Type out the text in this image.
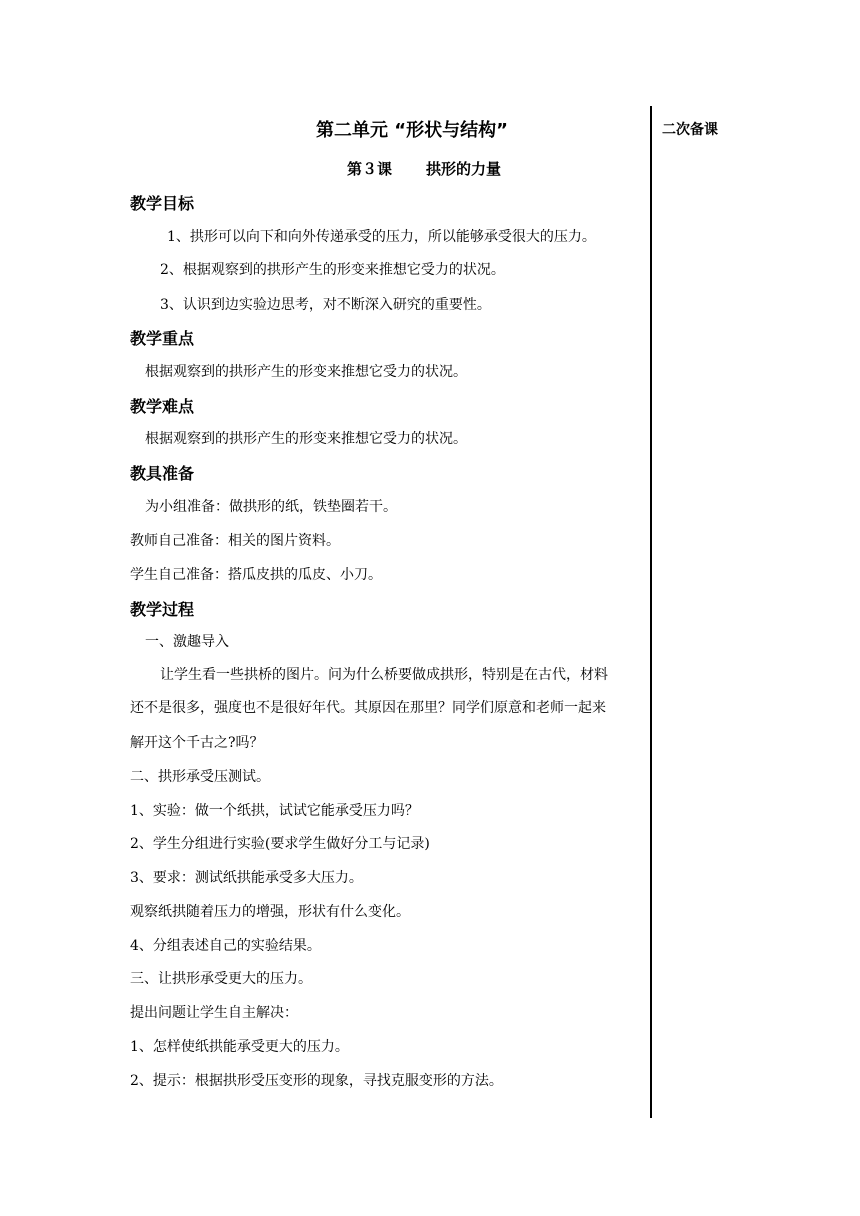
二次备课
第二单元 “形状与结构”
第３课 拱形的力量
教学目标
1、拱形可以向下和向外传递承受的压力，所以能够承受很大的压力。
2、根据观察到的拱形产生的形变来推想它受力的状况。
3、认识到边实验边思考，对不断深入研究的重要性。
教学重点
根据观察到的拱形产生的形变来推想它受力的状况。
教学难点
根据观察到的拱形产生的形变来推想它受力的状况。
教具准备
为小组准备：做拱形的纸，铁垫圈若干。
教师自己准备：相关的图片资料。
学生自己准备：搭瓜皮拱的瓜皮、小刀。
教学过程
一、激趣导入
让学生看一些拱桥的图片。问为什么桥要做成拱形，特别是在古代，材料
还不是很多，强度也不是很好年代。其原因在那里？同学们原意和老师一起来
解开这个千古之?吗？
二、拱形承受压测试。
1、实验：做一个纸拱，试试它能承受压力吗？
2、学生分组进行实验(要求学生做好分工与记录)
3、要求：测试纸拱能承受多大压力。
观察纸拱随着压力的增强，形状有什么变化。
4、分组表述自己的实验结果。
三、让拱形承受更大的压力。
提出问题让学生自主解决：
1、怎样使纸拱能承受更大的压力。
2、提示：根据拱形受压变形的现象，寻找克服变形的方法。
